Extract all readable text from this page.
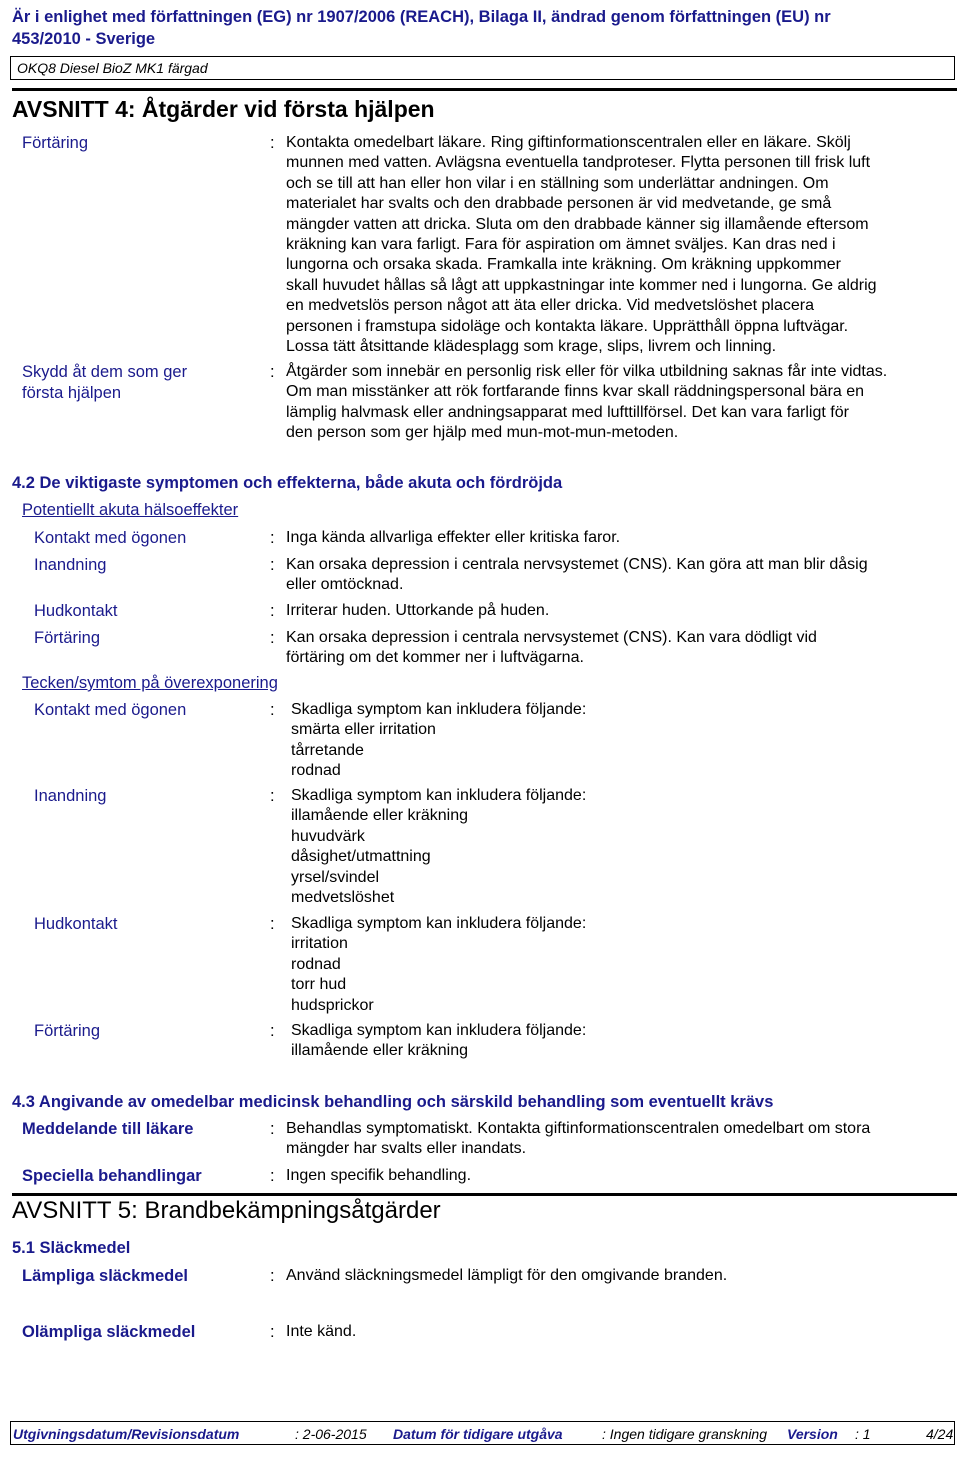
Är i enlighet med författningen (EG) nr 1907/2006 (REACH), Bilaga II, ändrad genom författningen (EU) nr
453/2010 - Sverige
OKQ8 Diesel BioZ MK1 färgad
AVSNITT 4: Åtgärder vid första hjälpen
Förtäring	: Kontakta omedelbart läkare. Ring giftinformationscentralen eller en läkare. Skölj
munnen med vatten. Avlägsna eventuella tandproteser. Flytta personen till frisk luft
och se till att han eller hon vilar i en ställning som underlättar andningen. Om
materialet har svalts och den drabbade personen är vid medvetande, ge små
mängder vatten att dricka. Sluta om den drabbade känner sig illamående eftersom
kräkning kan vara farligt. Fara för aspiration om ämnet sväljes. Kan dras ned i
lungorna och orsaka skada. Framkalla inte kräkning. Om kräkning uppkommer
skall huvudet hållas så lågt att uppkastningar inte kommer ned i lungorna. Ge aldrig
en medvetslös person något att äta eller dricka. Vid medvetslöshet placera
personen i framstupa sidoläge och kontakta läkare. Upprätthåll öppna luftvägar.
Lossa tätt åtsittande klädesplagg som krage, slips, livrem och linning.
Skydd åt dem som ger
första hjälpen
: Åtgärder som innebär en personlig risk eller för vilka utbildning saknas får inte vidtas.
Om man misstänker att rök fortfarande finns kvar skall räddningspersonal bära en
lämplig halvmask eller andningsapparat med lufttillförsel. Det kan vara farligt för
den person som ger hjälp med mun-mot-mun-metoden.
4.2 De viktigaste symptomen och effekterna, både akuta och fördröjda
Potentiellt akuta hälsoeffekter
Kontakt med ögonen	: Inga kända allvarliga effekter eller kritiska faror.
Inandning	: Kan orsaka depression i centrala nervsystemet (CNS). Kan göra att man blir dåsig
eller omtöcknad.
Hudkontakt	: Irriterar huden. Uttorkande på huden.
Förtäring	: Kan orsaka depression i centrala nervsystemet (CNS). Kan vara dödligt vid
förtäring om det kommer ner i luftvägarna.
Tecken/symtom på överexponering
Kontakt med ögonen	: Skadliga symptom kan inkludera följande:
smärta eller irritation
tårretande
rodnad
Inandning	: Skadliga symptom kan inkludera följande:
illamående eller kräkning
huvudvärk
dåsighet/utmattning
yrsel/svindel
medvetslöshet
Hudkontakt	: Skadliga symptom kan inkludera följande:
irritation
rodnad
torr hud
hudsprickor
Förtäring	: Skadliga symptom kan inkludera följande:
illamående eller kräkning
4.3 Angivande av omedelbar medicinsk behandling och särskild behandling som eventuellt krävs
Meddelande till läkare	: Behandlas symptomatiskt. Kontakta giftinformationscentralen omedelbart om stora
mängder har svalts eller inandats.
Speciella behandlingar	: Ingen specifik behandling.
AVSNITT 5: Brandbekämpningsåtgärder
5.1 Släckmedel
Lämpliga släckmedel	: Använd släckningsmedel lämpligt för den omgivande branden.
Olämpliga släckmedel	: Inte känd.
Utgivningsdatum/Revisionsdatum	: 2-06-2015 Datum för tidigare utgåva	: Ingen tidigare granskning Version : 1	4/24
